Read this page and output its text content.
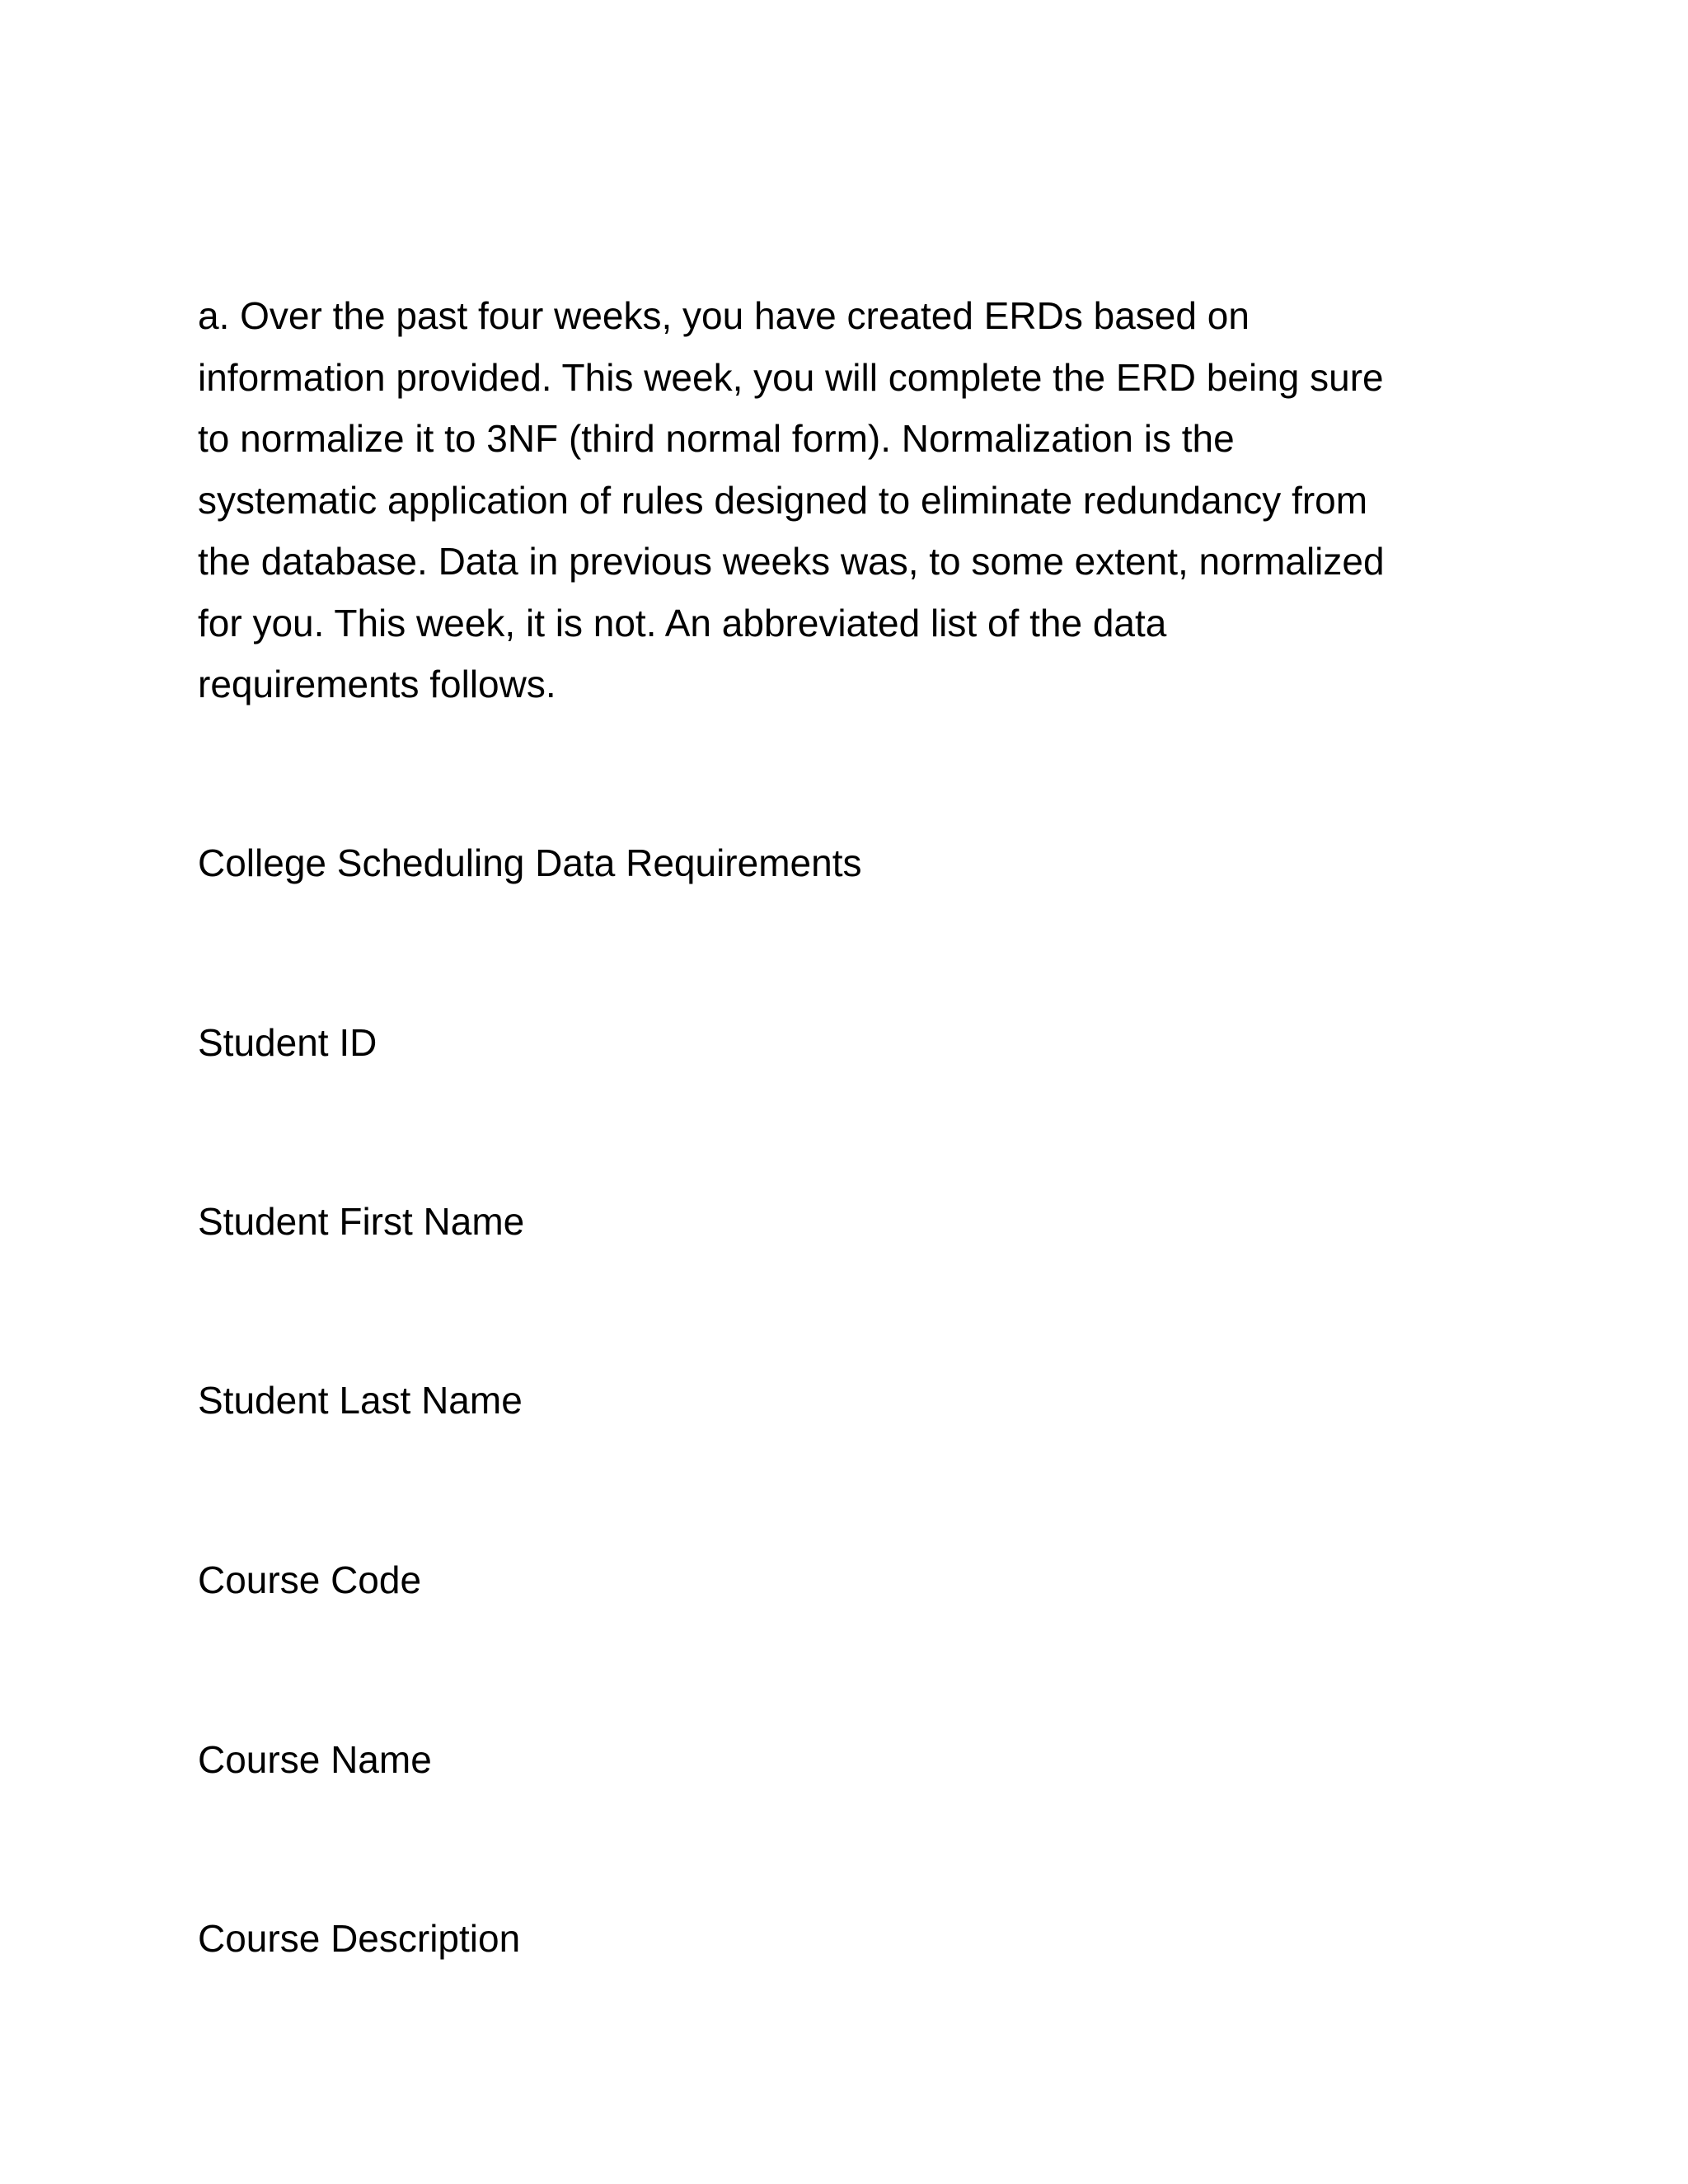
a. Over the past four weeks, you have created ERDs based on
information provided. This week, you will complete the ERD being sure
to normalize it to 3NF (third normal form). Normalization is the
systematic application of rules designed to eliminate redundancy from
the database. Data in previous weeks was, to some extent, normalized
for you. This week, it is not. An abbreviated list of the data
requirements follows.

College Scheduling Data Requirements

Student ID

Student First Name

Student Last Name

Course Code

Course Name

Course Description
